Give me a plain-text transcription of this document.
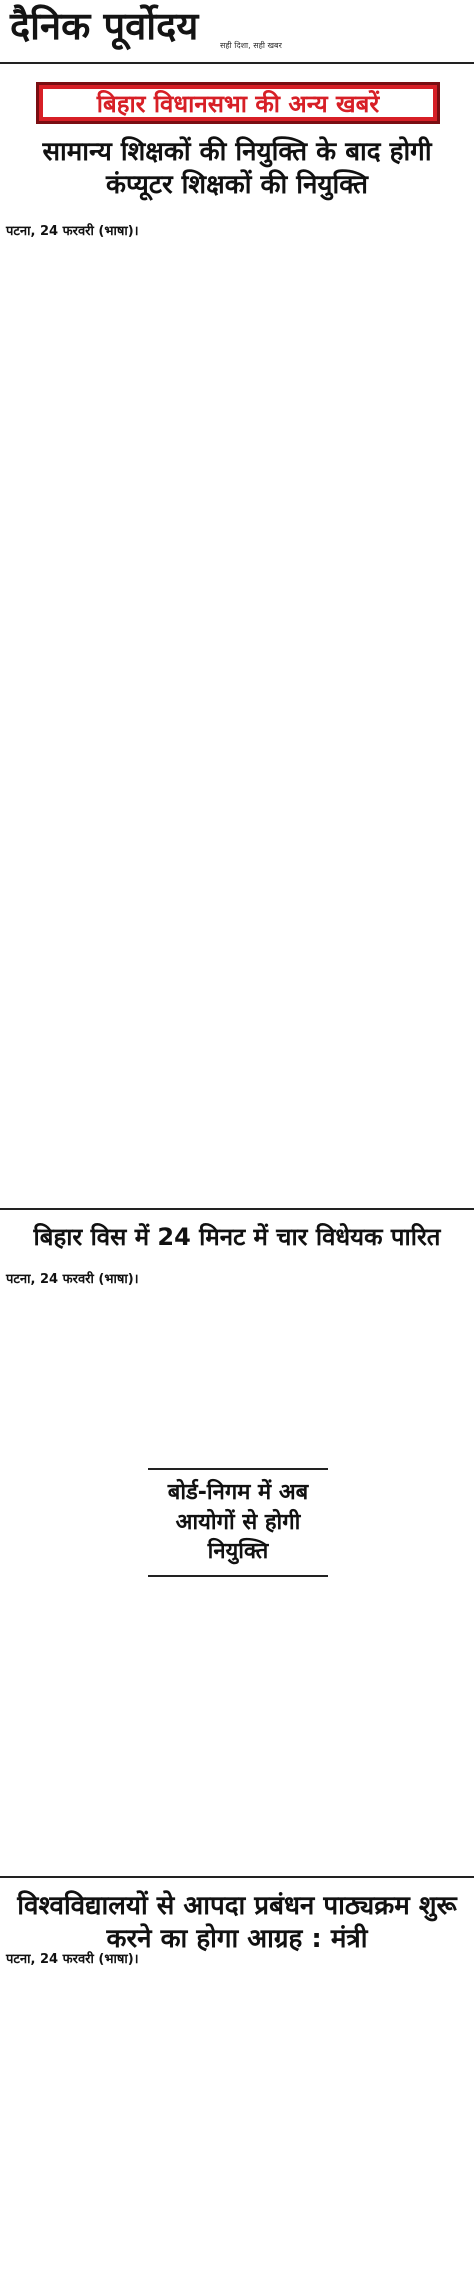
दैनिक पूर्वोदय	सही दिशा, सही खबर
बिहार विधानसभा की अन्य खबरें
सामान्य शिक्षकों की नियुक्ति के बाद होगी कंप्यूटर शिक्षकों की नियुक्ति
पटना, 24 फरवरी (भाषा)।
बिहार विस में 24 मिनट में चार विधेयक पारित
पटना, 24 फरवरी (भाषा)।
बोर्ड-निगम में अब आयोगों से होगी नियुक्ति
विश्वविद्यालयों से आपदा प्रबंधन पाठ्यक्रम शुरू करने का होगा आग्रह : मंत्री
पटना, 24 फरवरी (भाषा)।
